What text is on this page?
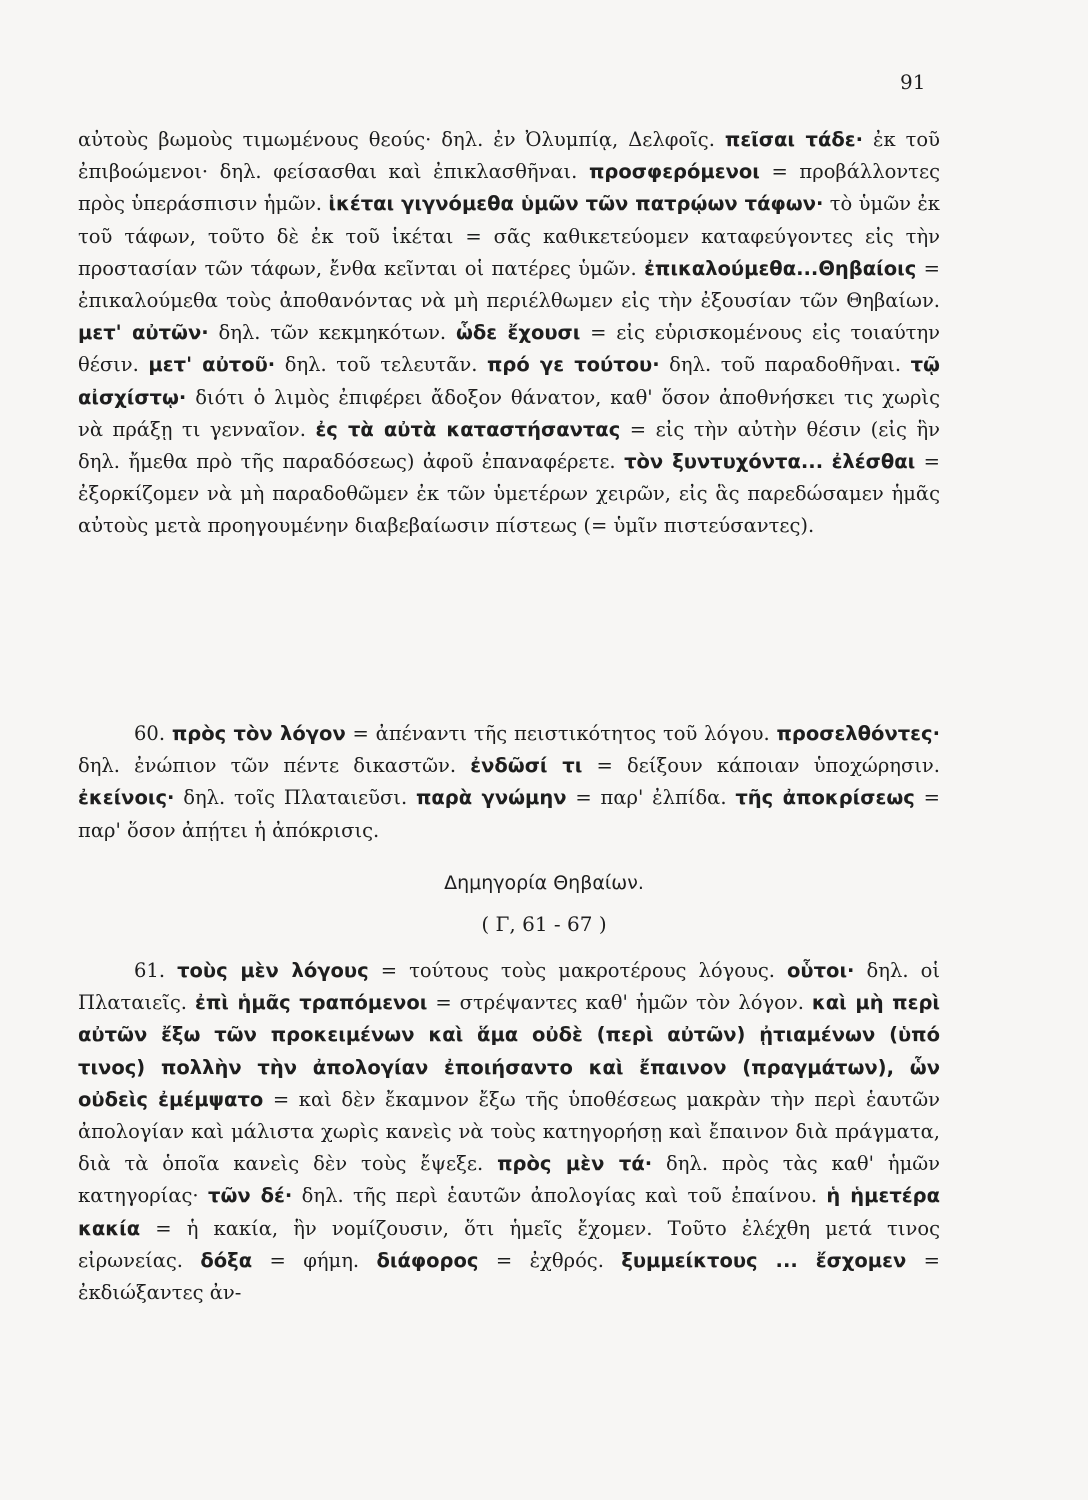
91

αὐτοὺς βωμοὺς τιμωμένους θεούς· δηλ. ἐν Ὀλυμπίᾳ, Δελφοῖς. πεῖσαι τάδε· ἐκ τοῦ ἐπιβοώμενοι· δηλ. φείσασθαι καὶ ἐπικλασθῆναι. προσφερόμενοι = προβάλλοντες πρὸς ὑπεράσπισιν ἡμῶν. ἱκέται γιγνόμεθα ὑμῶν τῶν πατρῴων τάφων· τὸ ὑμῶν ἐκ τοῦ τάφων, τοῦτο δὲ ἐκ τοῦ ἱκέται = σᾶς καθικετεύομεν καταφεύγοντες εἰς τὴν προστασίαν τῶν τάφων, ἔνθα κεῖνται οἱ πατέρες ὑμῶν. ἐπικαλούμεθα...Θηβαίοις = ἐπικαλούμεθα τοὺς ἀποθανόντας νὰ μὴ περιέλθωμεν εἰς τὴν ἐξουσίαν τῶν Θηβαίων. μετ' αὐτῶν· δηλ. τῶν κεκμηκότων. ὧδε ἔχουσι = εἰς εὑρισκομένους εἰς τοιαύτην θέσιν. μετ' αὐτοῦ· δηλ. τοῦ τελευτᾶν. πρό γε τούτου· δηλ. τοῦ παραδοθῆναι. τῷ αἰσχίστῳ· διότι ὁ λιμὸς ἐπιφέρει ἄδοξον θάνατον, καθ' ὅσον ἀποθνήσκει τις χωρὶς νὰ πράξῃ τι γενναῖον. ἐς τὰ αὐτὰ καταστήσαντας = εἰς τὴν αὐτὴν θέσιν (εἰς ἣν δηλ. ἤμεθα πρὸ τῆς παραδόσεως) ἀφοῦ ἐπαναφέρετε. τὸν ξυντυχόντα... ἐλέσθαι = ἐξορκίζομεν νὰ μὴ παραδοθῶμεν ἐκ τῶν ὑμετέρων χειρῶν, εἰς ἃς παρεδώσαμεν ἡμᾶς αὐτοὺς μετὰ προηγουμένην διαβεβαίωσιν πίστεως (= ὑμῖν πιστεύσαντες).

60. πρὸς τὸν λόγον = ἀπέναντι τῆς πειστικότητος τοῦ λόγου. προσελθόντες· δηλ. ἐνώπιον τῶν πέντε δικαστῶν. ἐνδῶσί τι = δείξουν κάποιαν ὑποχώρησιν. ἐκείνοις· δηλ. τοῖς Πλαταιεῦσι. παρὰ γνώμην = παρ' ἐλπίδα. τῆς ἀποκρίσεως = παρ' ὅσον ἀπῄτει ἡ ἀπόκρισις.

Δημηγορία Θηβαίων.
( Γ, 61 - 67 )

61. τοὺς μὲν λόγους = τούτους τοὺς μακροτέρους λόγους. οὗτοι· δηλ. οἱ Πλαταιεῖς. ἐπὶ ἡμᾶς τραπόμενοι = στρέψαντες καθ' ἡμῶν τὸν λόγον. καὶ μὴ περὶ αὐτῶν ἔξω τῶν προκειμένων καὶ ἅμα οὐδὲ (περὶ αὐτῶν) ᾐτιαμένων (ὑπό τινος) πολλὴν τὴν ἀπολογίαν ἐποιήσαντο καὶ ἔπαινον (πραγμάτων), ὧν οὐδεὶς ἐμέμψατο = καὶ δὲν ἔκαμνον ἔξω τῆς ὑποθέσεως μακρὰν τὴν περὶ ἑαυτῶν ἀπολογίαν καὶ μάλιστα χωρὶς κανεὶς νὰ τοὺς κατηγορήσῃ καὶ ἔπαινον διὰ πράγματα, διὰ τὰ ὁποῖα κανεὶς δὲν τοὺς ἔψεξε. πρὸς μὲν τά· δηλ. πρὸς τὰς καθ' ἡμῶν κατηγορίας· τῶν δέ· δηλ. τῆς περὶ ἑαυτῶν ἀπολογίας καὶ τοῦ ἐπαίνου. ἡ ἡμετέρα κακία = ἡ κακία, ἣν νομίζουσιν, ὅτι ἡμεῖς ἔχομεν. Τοῦτο ἐλέχθη μετά τινος εἰρωνείας. δόξα = φήμη. διάφορος = ἐχθρός. ξυμμείκτους ... ἔσχομεν = ἐκδιώξαντες ἀν-
